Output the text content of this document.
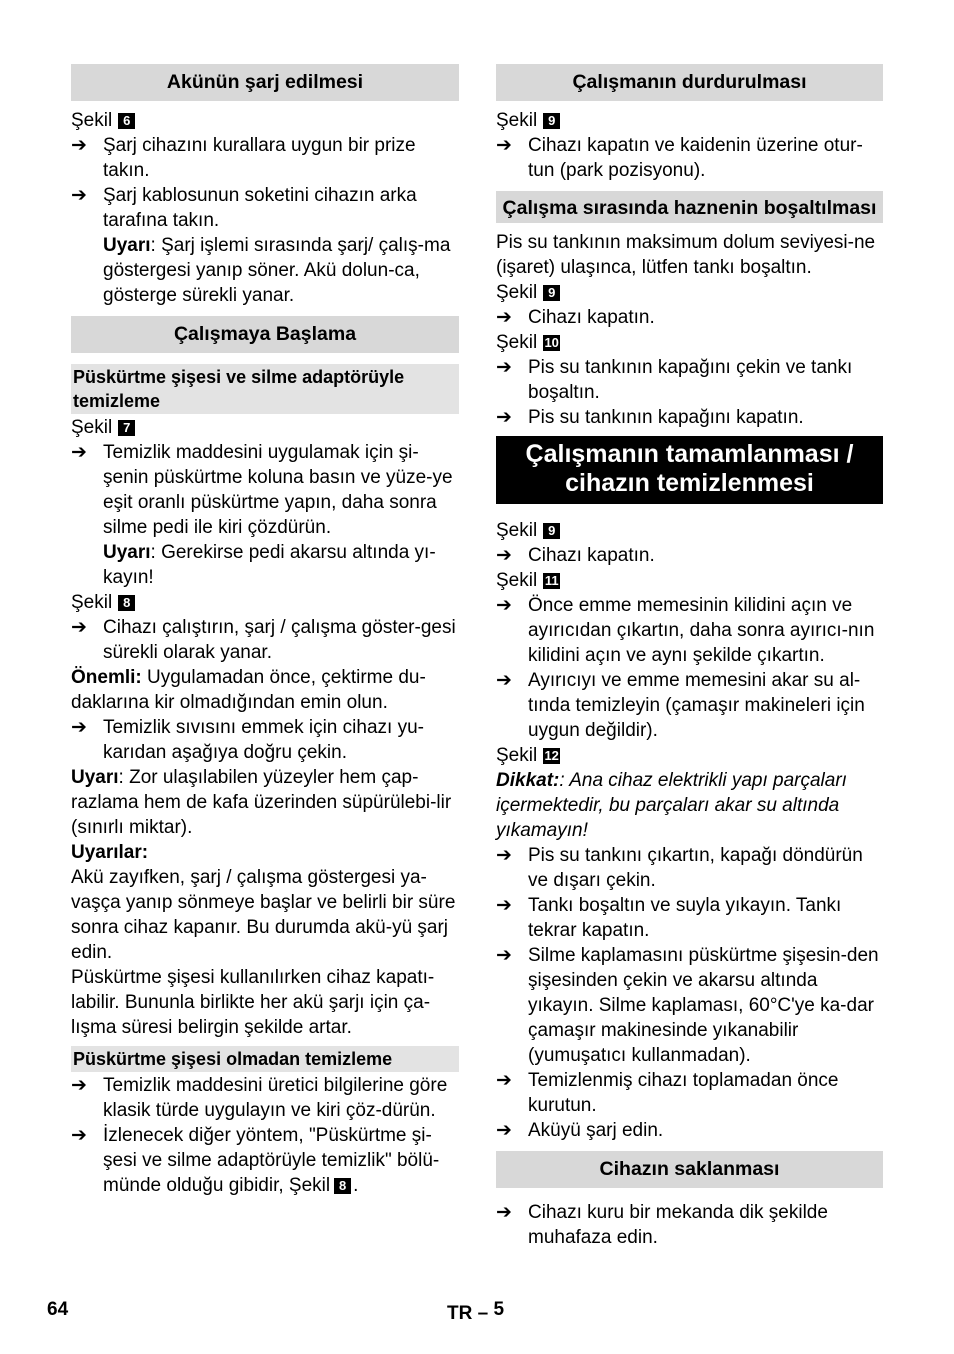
Akünün şarj edilmesi

Şekil 6

➔ Şarj cihazını kurallara uygun bir prize takın.
➔ Şarj kablosunun soketini cihazın arka tarafına takın.

Uyarı: Şarj işlemi sırasında şarj/ çalış-ma göstergesi yanıp söner. Akü dolun-ca, gösterge sürekli yanar.

Çalışmaya Başlama
Püskürtme şişesi ve silme adaptörüyle temizleme

Şekil 7

➔ Temizlik maddesini uygulamak için şi-şenin püskürtme koluna basın ve yüze-ye eşit oranlı püskürtme yapın, daha sonra silme pedi ile kiri çözdürün.

Uyarı: Gerekirse pedi akarsu altında yı-kayın!

Şekil 8

➔ Cihazı çalıştırın, şarj / çalışma göster-gesi sürekli olarak yanar.

Önemli: Uygulamadan önce, çektirme du-daklarına kir olmadığından emin olun.

➔ Temizlik sıvısını emmek için cihazı yu-karıdan aşağıya doğru çekin.

Uyarı: Zor ulaşılabilen yüzeyler hem çap-razlama hem de kafa üzerinden süpürülebi-lir (sınırlı miktar).

Uyarılar:

Akü zayıfken, şarj / çalışma göstergesi ya-vaşça yanıp sönmeye başlar ve belirli bir süre sonra cihaz kapanır. Bu durumda akü-yü şarj edin.

Püskürtme şişesi kullanılırken cihaz kapatı-labilir. Bununla birlikte her akü şarjı için ça-lışma süresi belirgin şekilde artar.

Püskürtme şişesi olmadan temizleme
➔ Temizlik maddesini üretici bilgilerine göre klasik türde uygulayın ve kiri çöz-dürün.
➔ İzlenecek diğer yöntem, "Püskürtme şi-şesi ve silme adaptörüyle temizlik" bölü-münde olduğu gibidir, Şekil 8 .
Çalışmanın durdurulması

Şekil 9

➔ Cihazı kapatın ve kaidenin üzerine otur-tun (park pozisyonu).
Çalışma sırasında haznenin boşaltılması

Pis su tankının maksimum dolum seviyesi-ne (işaret) ulaşınca, lütfen tankı boşaltın.

Şekil 9

➔ Cihazı kapatın.

Şekil 10

➔ Pis su tankının kapağını çekin ve tankı boşaltın.
➔ Pis su tankının kapağını kapatın.
Çalışmanın tamamlanması / cihazın temizlenmesi

Şekil 9

➔ Cihazı kapatın.

Şekil 11

➔ Önce emme memesinin kilidini açın ve ayırıcıdan çıkartın, daha sonra ayırıcı-nın kilidini açın ve aynı şekilde çıkartın.
➔ Ayırıcıyı ve emme memesini akar su al-tında temizleyin (çamaşır makineleri için uygun değildir).

Şekil 12

Dikkat:: Ana cihaz elektrikli yapı parçaları içermektedir, bu parçaları akar su altında yıkamayın!

➔ Pis su tankını çıkartın, kapağı döndürün ve dışarı çekin.
➔ Tankı boşaltın ve suyla yıkayın. Tankı tekrar kapatın.
➔ Silme kaplamasını püskürtme şişesin-den şişesinden çekin ve akarsu altında yıkayın. Silme kaplaması, 60°C'ye ka-dar çamaşır makinesinde yıkanabilir (yumuşatıcı kullanmadan).
➔ Temizlenmiş cihazı toplamadan önce kurutun.
➔ Aküyü şarj edin.
Cihazın saklanması
➔ Cihazı kuru bir mekanda dik şekilde muhafaza edin.
64	TR – 5
